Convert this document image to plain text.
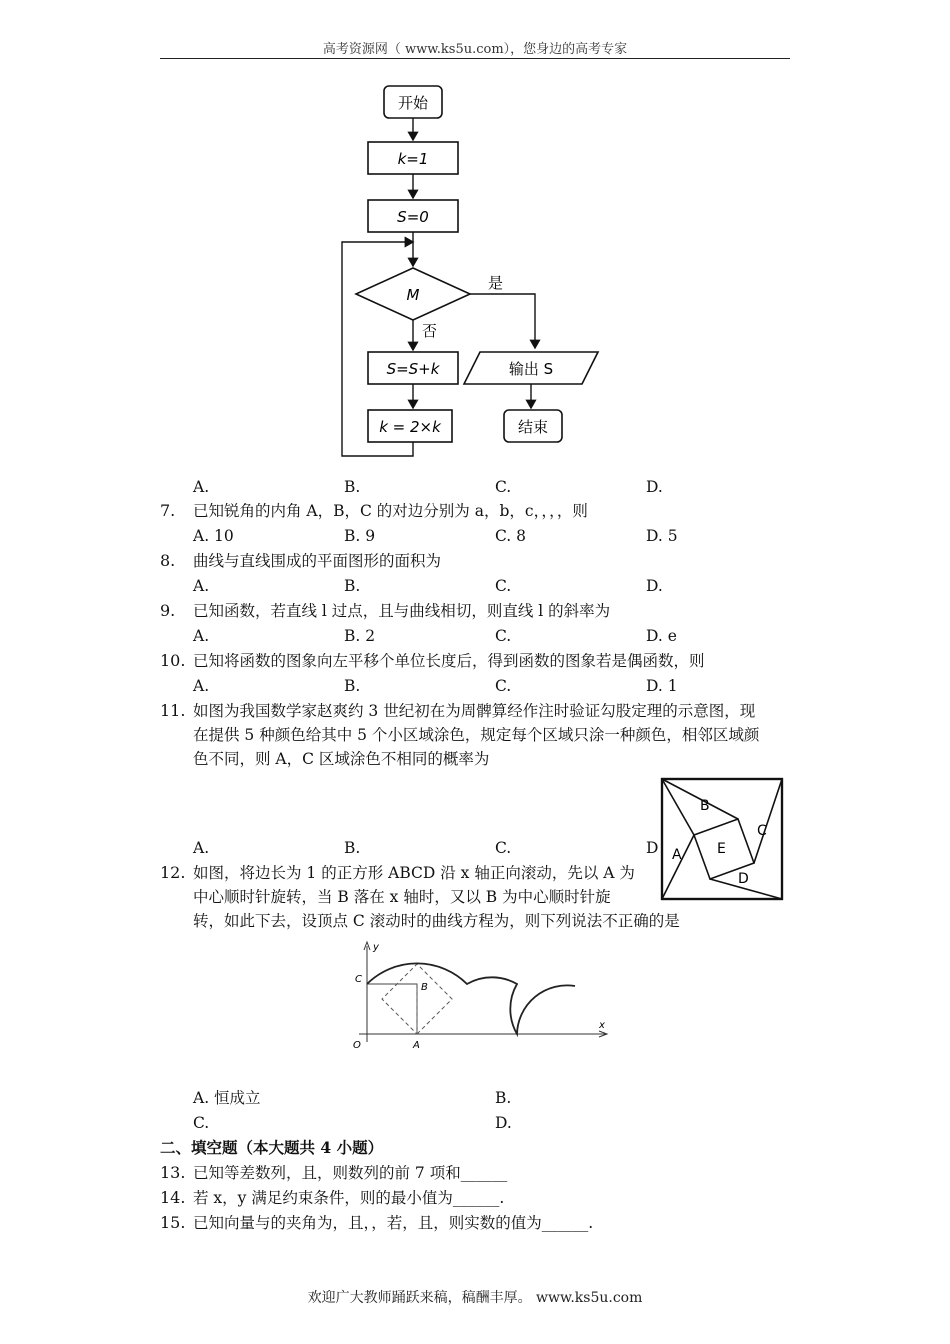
高考资源网（ www.ks5u.com），您身边的高考专家
开始
k=1
S=0
M
是
否
S=S+k
k = 2×k
输出 S
结束
A.	B.	C.	D.
7. 已知锐角的内角 A，B，C 的对边分别为 a，b，c，，，，则
A. 10	B. 9	C. 8	D. 5
8. 曲线与直线围成的平面图形的面积为
A.	B.	C.	D.
9. 已知函数，若直线 l 过点，且与曲线相切，则直线 l 的斜率为
A.	B. 2	C.	D. e
10. 已知将函数的图象向左平移个单位长度后，得到函数的图象若是偶函数，则
A.	B.	C.	D. 1
11. 如图为我国数学家赵爽约 3 世纪初在为周髀算经作注时验证勾股定理的示意图，现
在提供 5 种颜色给其中 5 个小区域涂色，规定每个区域只涂一种颜色，相邻区域颜
色不同，则 A，C 区域涂色不相同的概率为
B
C
A
D
E
A.	B.	C.	D
12. 如图，将边长为 1 的正方形 ABCD 沿 x 轴正向滚动，先以 A 为
中心顺时针旋转，当 B 落在 x 轴时，又以 B 为中心顺时针旋
转，如此下去，设顶点 C 滚动时的曲线方程为，则下列说法不正确的是
y
x
O
C
B
A
A. 恒成立	B.
C.	D.
二、填空题（本大题共 4 小题）
13. 已知等差数列，且，则数列的前 7 项和______
14. 若 x，y 满足约束条件，则的最小值为______.
15. 已知向量与的夹角为，且，，若，且，则实数的值为______.
欢迎广大教师踊跃来稿，稿酬丰厚。 www.ks5u.com
